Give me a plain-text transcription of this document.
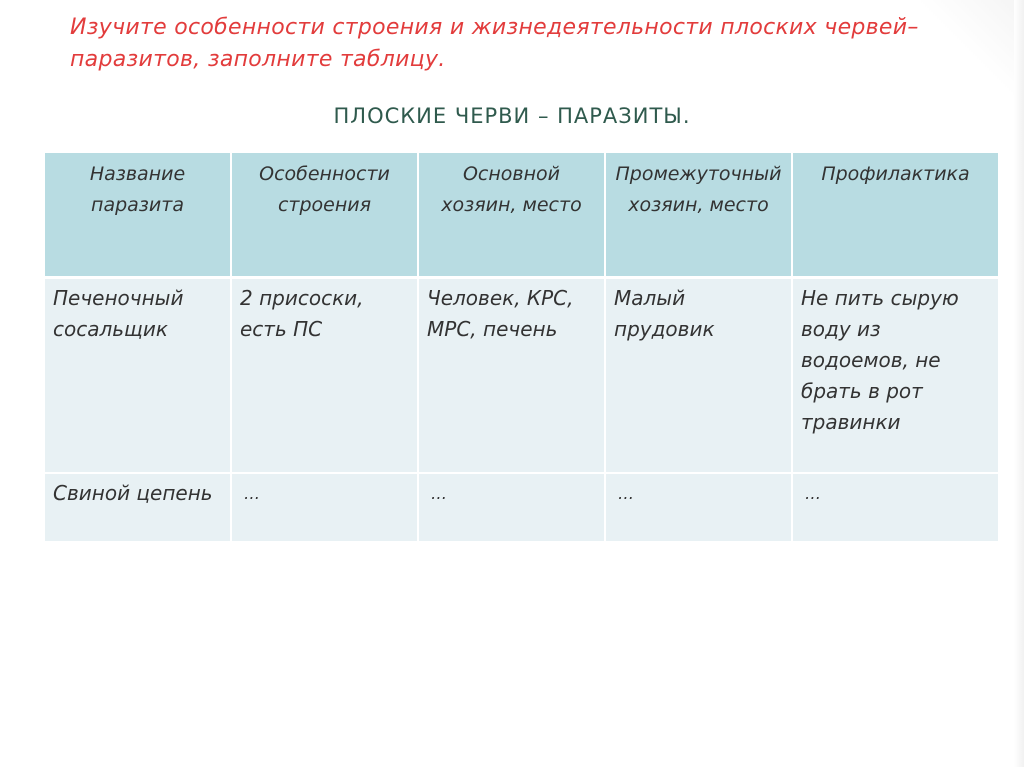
Изучите особенности строения и жизнедеятельности плоских червей–паразитов, заполните таблицу.
ПЛОСКИЕ ЧЕРВИ – ПАРАЗИТЫ.
Название паразита	Особенности строения	Основной хозяин, место	Промежуточный хозяин, место	Профилактика
Печеночный сосальщик	2 присоски, есть ПС	Человек, КРС, МРС, печень	Малый прудовик	Не пить сырую воду из водоемов, не брать в рот травинки
Свиной цепень	…	…	…	…
